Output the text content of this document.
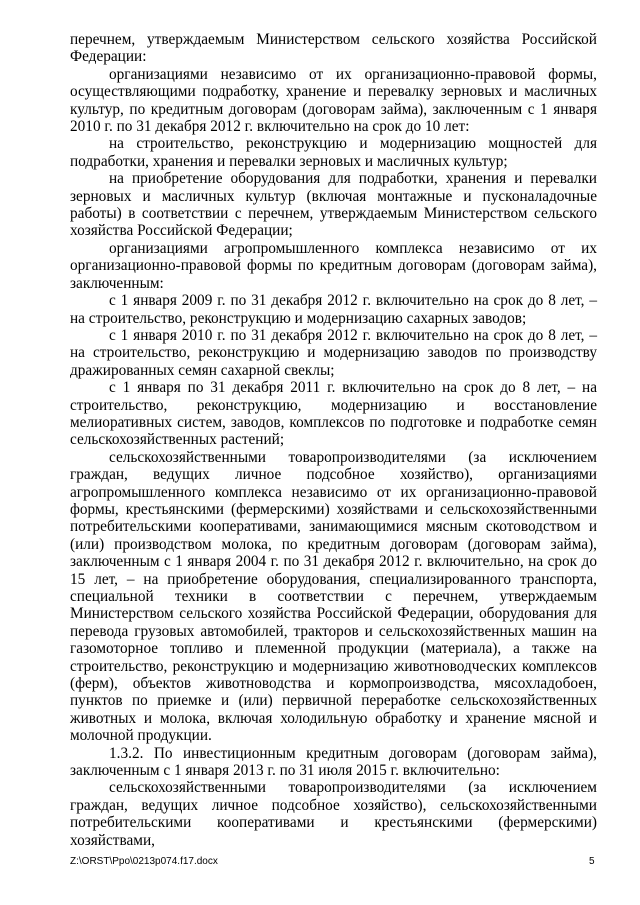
перечнем, утверждаемым Министерством сельского хозяйства Российской Федерации:

организациями независимо от их организационно-правовой формы, осуществляющими подработку, хранение и перевалку зерновых и масличных культур, по кредитным договорам (договорам займа), заключенным с 1 января 2010 г. по 31 декабря 2012 г. включительно на срок до 10 лет:

на строительство, реконструкцию и модернизацию мощностей для подработки, хранения и перевалки зерновых и масличных культур;

на приобретение оборудования для подработки, хранения и перевалки зерновых и масличных культур (включая монтажные и пусконаладочные работы) в соответствии с перечнем, утверждаемым Министерством сельского хозяйства Российской Федерации;

организациями агропромышленного комплекса независимо от их организационно-правовой формы по кредитным договорам (договорам займа), заключенным:

с 1 января 2009 г. по 31 декабря 2012 г. включительно на срок до 8 лет, – на строительство, реконструкцию и модернизацию сахарных заводов;

с 1 января 2010 г. по 31 декабря 2012 г. включительно на срок до 8 лет, – на строительство, реконструкцию и модернизацию заводов по производству дражированных семян сахарной свеклы;

с 1 января по 31 декабря 2011 г. включительно на срок до 8 лет, – на строительство, реконструкцию, модернизацию и восстановление мелиоративных систем, заводов, комплексов по подготовке и подработке семян сельскохозяйственных растений;

сельскохозяйственными товаропроизводителями (за исключением граждан, ведущих личное подсобное хозяйство), организациями агропромышленного комплекса независимо от их организационно-правовой формы, крестьянскими (фермерскими) хозяйствами и сельскохозяйственными потребительскими кооперативами, занимающимися мясным скотоводством и (или) производством молока, по кредитным договорам (договорам займа), заключенным с 1 января 2004 г. по 31 декабря 2012 г. включительно, на срок до 15 лет, – на приобретение оборудования, специализированного транспорта, специальной техники в соответствии с перечнем, утверждаемым Министерством сельского хозяйства Российской Федерации, оборудования для перевода грузовых автомобилей, тракторов и сельскохозяйственных машин на газомоторное топливо и племенной продукции (материала), а также на строительство, реконструкцию и модернизацию животноводческих комплексов (ферм), объектов животноводства и кормопроизводства, мясохладобоен, пунктов по приемке и (или) первичной переработке сельскохозяйственных животных и молока, включая холодильную обработку и хранение мясной и молочной продукции.

1.3.2. По инвестиционным кредитным договорам (договорам займа), заключенным с 1 января 2013 г. по 31 июля 2015 г. включительно:

сельскохозяйственными товаропроизводителями (за исключением граждан, ведущих личное подсобное хозяйство), сельскохозяйственными потребительскими кооперативами и крестьянскими (фермерскими) хозяйствами,

Z:\ORST\Ppo\0213p074.f17.docx	5
